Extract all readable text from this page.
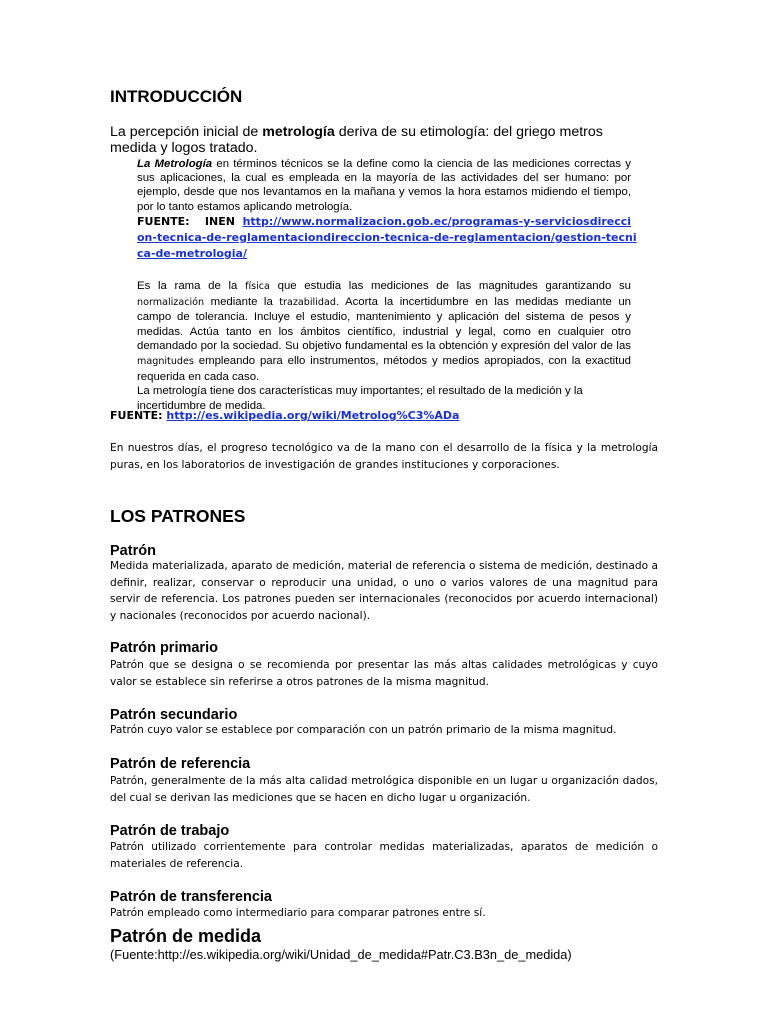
INTRODUCCIÓN
La percepción inicial de metrología deriva de su etimología: del griego metros medida y logos tratado.
La Metrología en términos técnicos se la define como la ciencia de las mediciones correctas y sus aplicaciones, la cual es empleada en la mayoría de las actividades del ser humano: por ejemplo, desde que nos levantamos en la mañana y vemos la hora estamos midiendo el tiempo, por lo tanto estamos aplicando metrología.
FUENTE:    INEN  http://www.normalizacion.gob.ec/programas-y-serviciosdireccion-tecnica-de-reglamentaciondireccion-tecnica-de-reglamentacion/gestion-tecnica-de-metrologia/
Es la rama de la física que estudia las mediciones de las magnitudes garantizando su normalización mediante la trazabilidad. Acorta la incertidumbre en las medidas mediante un campo de tolerancia. Incluye el estudio, mantenimiento y aplicación del sistema de pesos y medidas. Actúa tanto en los ámbitos científico, industrial y legal, como en cualquier otro demandado por la sociedad. Su objetivo fundamental es la obtención y expresión del valor de las magnitudes empleando para ello instrumentos, métodos y medios apropiados, con la exactitud requerida en cada caso.
La metrología tiene dos características muy importantes; el resultado de la medición y la incertidumbre de medida.
FUENTE: http://es.wikipedia.org/wiki/Metrolog%C3%ADa
En nuestros días, el progreso tecnológico va de la mano con el desarrollo de la física y la metrología puras, en los laboratorios de investigación de grandes instituciones y corporaciones.
LOS PATRONES
Patrón
Medida materializada, aparato de medición, material de referencia o sistema de medición, destinado a definir, realizar, conservar o reproducir una unidad, o uno o varios valores de una magnitud para servir de referencia. Los patrones pueden ser internacionales (reconocidos por acuerdo internacional) y nacionales (reconocidos por acuerdo nacional).
Patrón primario
Patrón que se designa o se recomienda por presentar las más altas calidades metrológicas y cuyo valor se establece sin referirse a otros patrones de la misma magnitud.
Patrón secundario
Patrón cuyo valor se establece por comparación con un patrón primario de la misma magnitud.
Patrón de referencia
Patrón, generalmente de la más alta calidad metrológica disponible en un lugar u organización dados, del cual se derivan las mediciones que se hacen en dicho lugar u organización.
Patrón de trabajo
Patrón utilizado corrientemente para controlar medidas materializadas, aparatos de medición o materiales de referencia.
Patrón de transferencia
Patrón empleado como intermediario para comparar patrones entre sí.
Patrón de medida
(Fuente:http://es.wikipedia.org/wiki/Unidad_de_medida#Patr.C3.B3n_de_medida)
